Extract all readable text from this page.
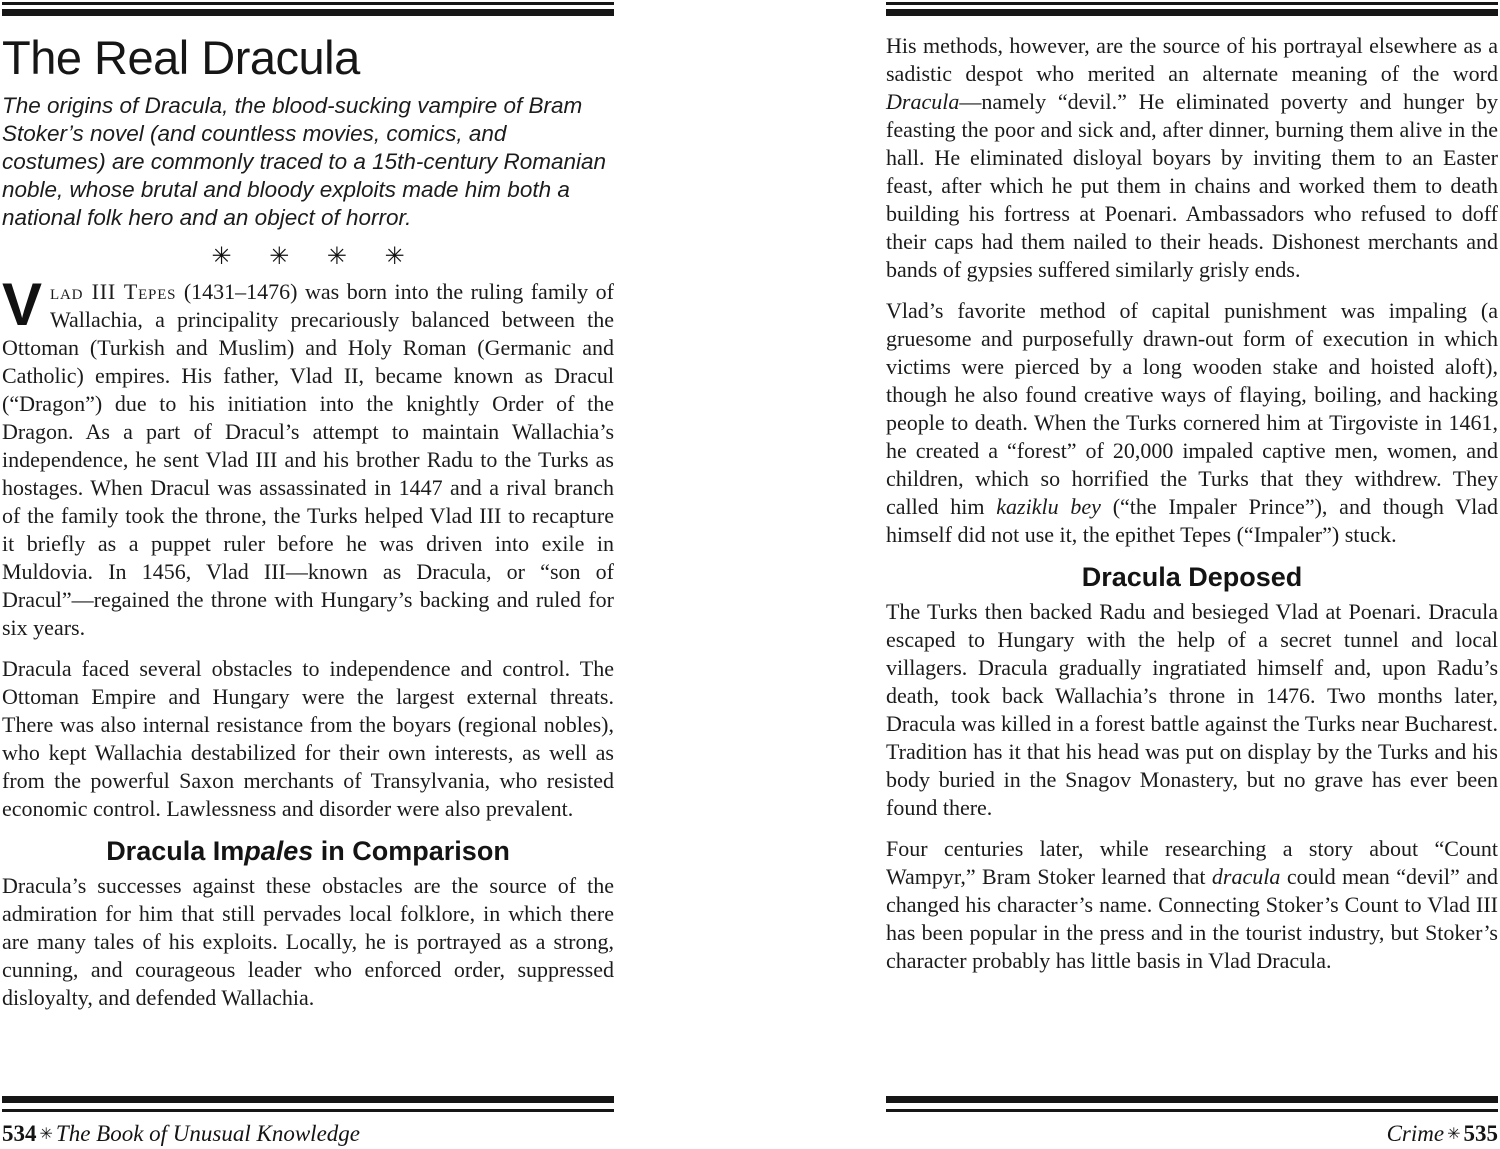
The Real Dracula

The origins of Dracula, the blood-sucking vampire of Bram Stoker’s novel (and countless movies, comics, and costumes) are commonly traced to a 15th-century Romanian noble, whose brutal and bloody exploits made him both a national folk hero and an object of horror.

✳ ✳ ✳ ✳

Vlad III Tepes (1431–1476) was born into the ruling family of Wallachia, a principality precariously balanced between the Ottoman (Turkish and Muslim) and Holy Roman (Germanic and Catholic) empires. His father, Vlad II, became known as Dracul (“Dragon”) due to his initiation into the knightly Order of the Dragon. As a part of Dracul’s attempt to maintain Wallachia’s independence, he sent Vlad III and his brother Radu to the Turks as hostages. When Dracul was assassinated in 1447 and a rival branch of the family took the throne, the Turks helped Vlad III to recapture it briefly as a puppet ruler before he was driven into exile in Muldovia. In 1456, Vlad III—known as Dracula, or “son of Dracul”—regained the throne with Hungary’s backing and ruled for six years.

Dracula faced several obstacles to independence and control. The Ottoman Empire and Hungary were the largest external threats. There was also internal resistance from the boyars (regional nobles), who kept Wallachia destabilized for their own interests, as well as from the powerful Saxon merchants of Transylvania, who resisted economic control. Lawlessness and disorder were also prevalent.

Dracula Impales in Comparison

Dracula’s successes against these obstacles are the source of the admiration for him that still pervades local folklore, in which there are many tales of his exploits. Locally, he is portrayed as a strong, cunning, and courageous leader who enforced order, suppressed disloyalty, and defended Wallachia.

His methods, however, are the source of his portrayal elsewhere as a sadistic despot who merited an alternate meaning of the word Dracula—namely “devil.” He eliminated poverty and hunger by feasting the poor and sick and, after dinner, burning them alive in the hall. He eliminated disloyal boyars by inviting them to an Easter feast, after which he put them in chains and worked them to death building his fortress at Poenari. Ambassadors who refused to doff their caps had them nailed to their heads. Dishonest merchants and bands of gypsies suffered similarly grisly ends.

Vlad’s favorite method of capital punishment was impaling (a gruesome and purposefully drawn-out form of execution in which victims were pierced by a long wooden stake and hoisted aloft), though he also found creative ways of flaying, boiling, and hacking people to death. When the Turks cornered him at Tirgoviste in 1461, he created a “forest” of 20,000 impaled captive men, women, and children, which so horrified the Turks that they withdrew. They called him kaziklu bey (“the Impaler Prince”), and though Vlad himself did not use it, the epithet Tepes (“Impaler”) stuck.

Dracula Deposed

The Turks then backed Radu and besieged Vlad at Poenari. Dracula escaped to Hungary with the help of a secret tunnel and local villagers. Dracula gradually ingratiated himself and, upon Radu’s death, took back Wallachia’s throne in 1476. Two months later, Dracula was killed in a forest battle against the Turks near Bucharest. Tradition has it that his head was put on display by the Turks and his body buried in the Snagov Monastery, but no grave has ever been found there.

Four centuries later, while researching a story about “Count Wampyr,” Bram Stoker learned that dracula could mean “devil” and changed his character’s name. Connecting Stoker’s Count to Vlad III has been popular in the press and in the tourist industry, but Stoker’s character probably has little basis in Vlad Dracula.

534 ✳ The Book of Unusual Knowledge	Crime ✳ 535
